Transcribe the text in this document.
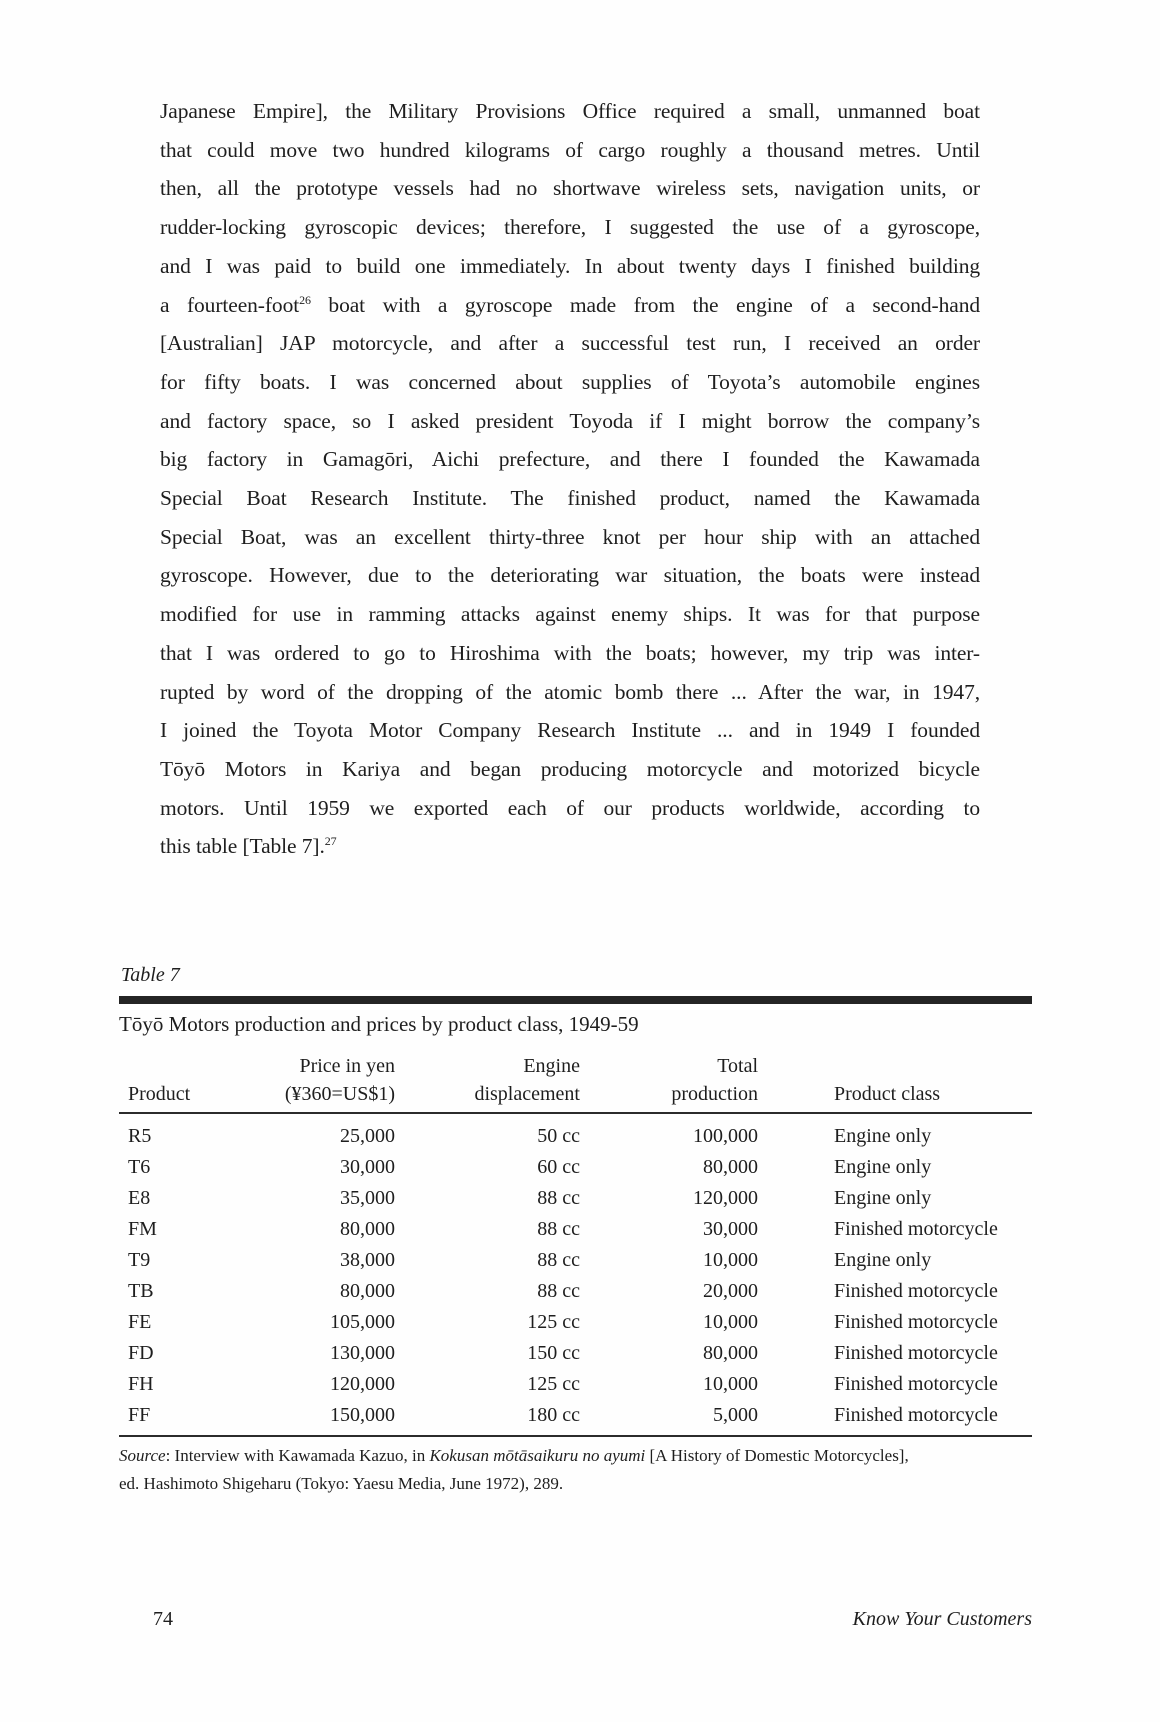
Japanese Empire], the Military Provisions Office required a small, unmanned boat
that could move two hundred kilograms of cargo roughly a thousand metres. Until
then, all the prototype vessels had no shortwave wireless sets, navigation units, or
rudder-locking gyroscopic devices; therefore, I suggested the use of a gyroscope,
and I was paid to build one immediately. In about twenty days I finished building
a fourteen-foot$^{26}$ boat with a gyroscope made from the engine of a second-hand
[Australian] JAP motorcycle, and after a successful test run, I received an order
for fifty boats. I was concerned about supplies of Toyota’s automobile engines
and factory space, so I asked president Toyoda if I might borrow the company’s
big factory in Gamagōri, Aichi prefecture, and there I founded the Kawamada
Special Boat Research Institute. The finished product, named the Kawamada
Special Boat, was an excellent thirty-three knot per hour ship with an attached
gyroscope. However, due to the deteriorating war situation, the boats were instead
modified for use in ramming attacks against enemy ships. It was for that purpose
that I was ordered to go to Hiroshima with the boats; however, my trip was inter-
rupted by word of the dropping of the atomic bomb there ... After the war, in 1947,
I joined the Toyota Motor Company Research Institute ... and in 1949 I founded
Tōyō Motors in Kariya and began producing motorcycle and motorized bicycle
motors. Until 1959 we exported each of our products worldwide, according to
this table [Table 7].$^{27}$
Table 7
Tōyō Motors production and prices by product class, 1949-59
	Price in yen	Engine	Total	
Product	(¥360=US$1)	displacement	production	Product class
R5	25,000	50 cc	100,000	Engine only
T6	30,000	60 cc	80,000	Engine only
E8	35,000	88 cc	120,000	Engine only
FM	80,000	88 cc	30,000	Finished motorcycle
T9	38,000	88 cc	10,000	Engine only
TB	80,000	88 cc	20,000	Finished motorcycle
FE	105,000	125 cc	10,000	Finished motorcycle
FD	130,000	150 cc	80,000	Finished motorcycle
FH	120,000	125 cc	10,000	Finished motorcycle
FF	150,000	180 cc	5,000	Finished motorcycle
Source: Interview with Kawamada Kazuo, in Kokusan mōtāsaikuru no ayumi [A History of Domestic Motorcycles],
ed. Hashimoto Shigeharu (Tokyo: Yaesu Media, June 1972), 289.
74	Know Your Customers
